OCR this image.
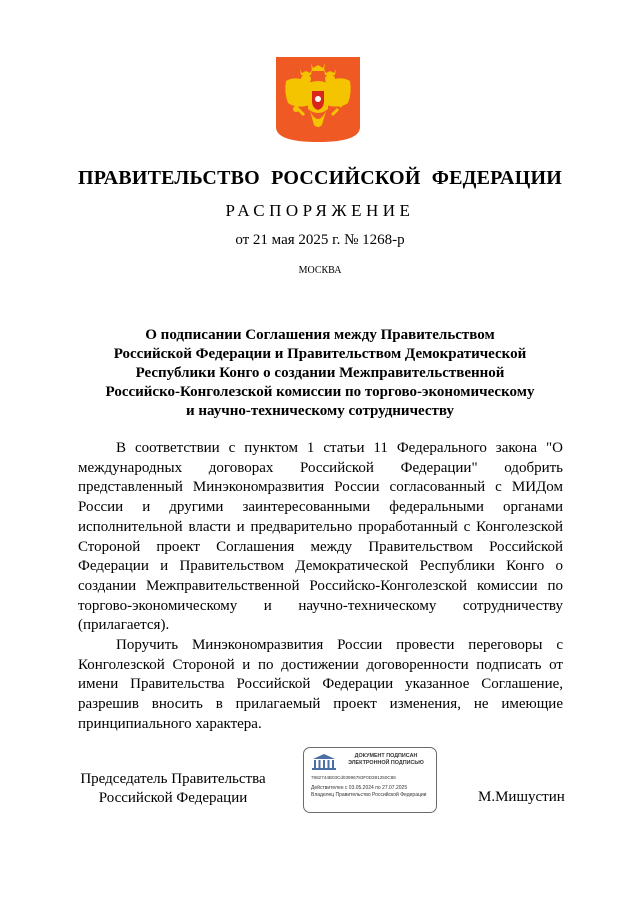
ПРАВИТЕЛЬСТВО РОССИЙСКОЙ ФЕДЕРАЦИИ
РАСПОРЯЖЕНИЕ
от 21 мая 2025 г. № 1268-р
МОСКВА
О подписании Соглашения между Правительством
Российской Федерации и Правительством Демократической
Республики Конго о создании Межправительственной
Российско-Конголезской комиссии по торгово-экономическому
и научно-техническому сотрудничеству

В соответствии с пунктом 1 статьи 11 Федерального закона "О международных договорах Российской Федерации" одобрить представленный Минэкономразвития России согласованный с МИДом России и другими заинтересованными федеральными органами исполнительной власти и предварительно проработанный с Конголезской Стороной проект Соглашения между Правительством Российской Федерации и Правительством Демократической Республики Конго о создании Межправительственной Российско-Конголезской комиссии по торгово-экономическому и научно-техническому сотрудничеству (прилагается).

Поручить Минэкономразвития России провести переговоры с Конголезской Стороной и по достижении договоренности подписать от имени Правительства Российской Федерации указанное Соглашение, разрешив вносить в прилагаемый проект изменения, не имеющие принципиального характера.

Председатель Правительства
Российской Федерации
ДОКУМЕНТ ПОДПИСАН
ЭЛЕКТРОННОЙ ПОДПИСЬЮ
7982744B03Cd03996783F0D381250C86
Действителен с 03.05.2024 по 27.07.2025
Владелец Правительство Российской Федерации	М.Мишустин
